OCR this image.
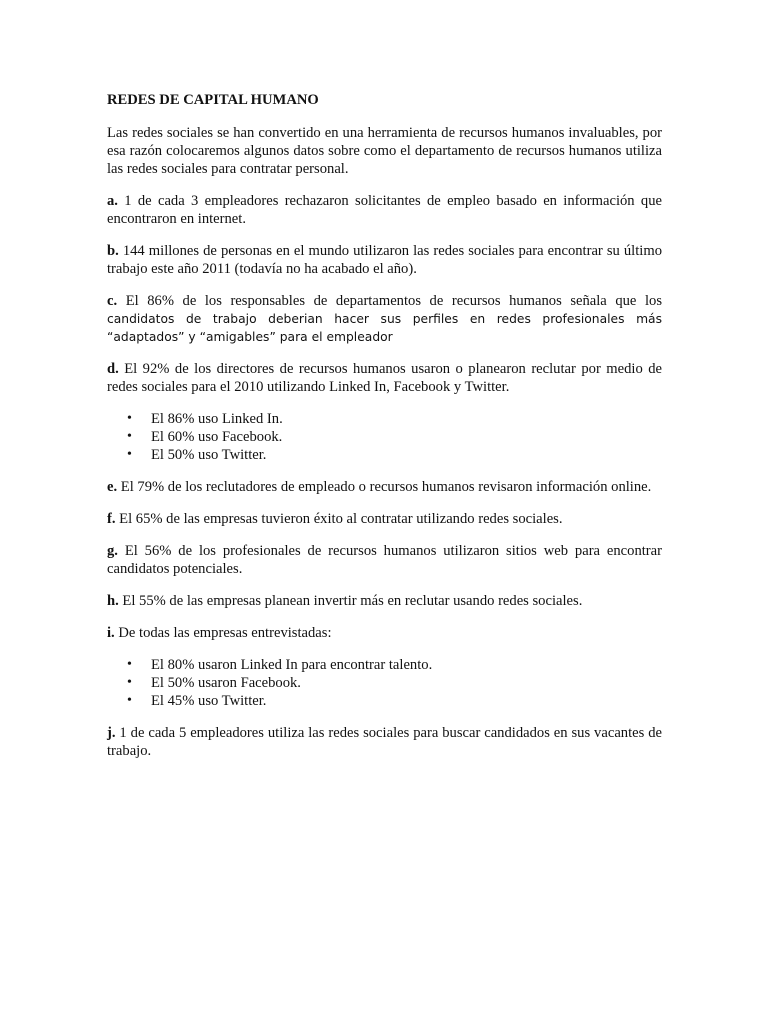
REDES DE CAPITAL HUMANO

Las redes sociales se han convertido en una herramienta de recursos humanos invaluables, por esa razón colocaremos algunos datos sobre como el departamento de recursos humanos utiliza las redes sociales para contratar personal.

a. 1 de cada 3 empleadores rechazaron solicitantes de empleo basado en información que encontraron en internet.

b. 144 millones de personas en el mundo utilizaron las redes sociales para encontrar su último trabajo este año 2011 (todavía no ha acabado el año).

c. El 86% de los responsables de departamentos de recursos humanos señala que los
candidatos de trabajo deberian hacer sus perfiles en redes profesionales más “adaptados” y “amigables” para el empleador

d. El 92% de los directores de recursos humanos usaron o planearon reclutar por medio de redes sociales para el 2010 utilizando Linked In, Facebook y Twitter.

• El 86% uso Linked In.
• El 60% uso Facebook.
• El 50% uso Twitter.

e. El 79% de los reclutadores de empleado o recursos humanos revisaron información online.

f. El 65% de las empresas tuvieron éxito al contratar utilizando redes sociales.

g. El 56% de los profesionales de recursos humanos utilizaron sitios web para encontrar candidatos potenciales.

h. El 55% de las empresas planean invertir más en reclutar usando redes sociales.

i. De todas las empresas entrevistadas:

• El 80% usaron Linked In para encontrar talento.
• El 50% usaron Facebook.
• El 45% uso Twitter.

j. 1 de cada 5 empleadores utiliza las redes sociales para buscar candidados en sus vacantes de trabajo.
